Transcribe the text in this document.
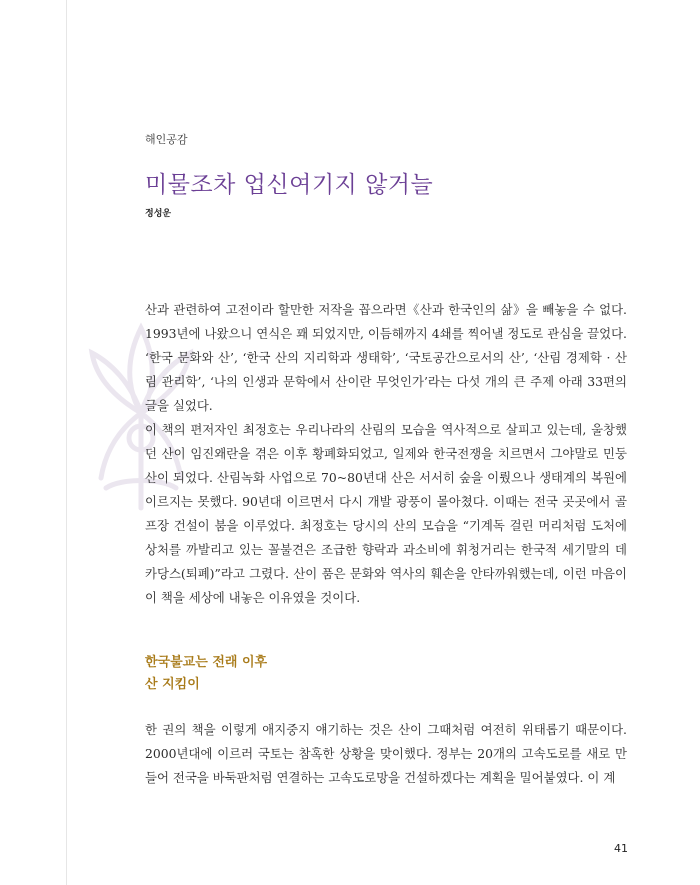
해인공감
미물조차 업신여기지 않거늘
정성운

산과 관련하여 고전이라 할만한 저작을 꼽으라면《산과 한국인의 삶》을 빼놓을 수 없다. 1993년에 나왔으니 연식은 꽤 되었지만, 이듬해까지 4쇄를 찍어낼 정도로 관심을 끌었다. ‘한국 문화와 산’, ‘한국 산의 지리학과 생태학’, ‘국토공간으로서의 산’, ‘산림 경제학 · 산림 관리학’, ‘나의 인생과 문학에서 산이란 무엇인가’라는 다섯 개의 큰 주제 아래 33편의 글을 실었다.

이 책의 편저자인 최정호는 우리나라의 산림의 모습을 역사적으로 살피고 있는데, 울창했던 산이 임진왜란을 겪은 이후 황폐화되었고, 일제와 한국전쟁을 치르면서 그야말로 민둥산이 되었다. 산림녹화 사업으로 70~80년대 산은 서서히 숲을 이뤘으나 생태계의 복원에 이르지는 못했다. 90년대 이르면서 다시 개발 광풍이 몰아쳤다. 이때는 전국 곳곳에서 골프장 건설이 붐을 이루었다. 최정호는 당시의 산의 모습을 “기계독 걸린 머리처럼 도처에 상처를 까발리고 있는 꼴불견은 조급한 향락과 과소비에 휘청거리는 한국적 세기말의 데카당스(퇴폐)”라고 그렸다. 산이 품은 문화와 역사의 훼손을 안타까워했는데, 이런 마음이 이 책을 세상에 내놓은 이유였을 것이다.

한국불교는 전래 이후
산 지킴이

한 권의 책을 이렇게 애지중지 얘기하는 것은 산이 그때처럼 여전히 위태롭기 때문이다. 2000년대에 이르러 국토는 참혹한 상황을 맞이했다. 정부는 20개의 고속도로를 새로 만들어 전국을 바둑판처럼 연결하는 고속도로망을 건설하겠다는 계획을 밀어붙였다. 이 계

41
